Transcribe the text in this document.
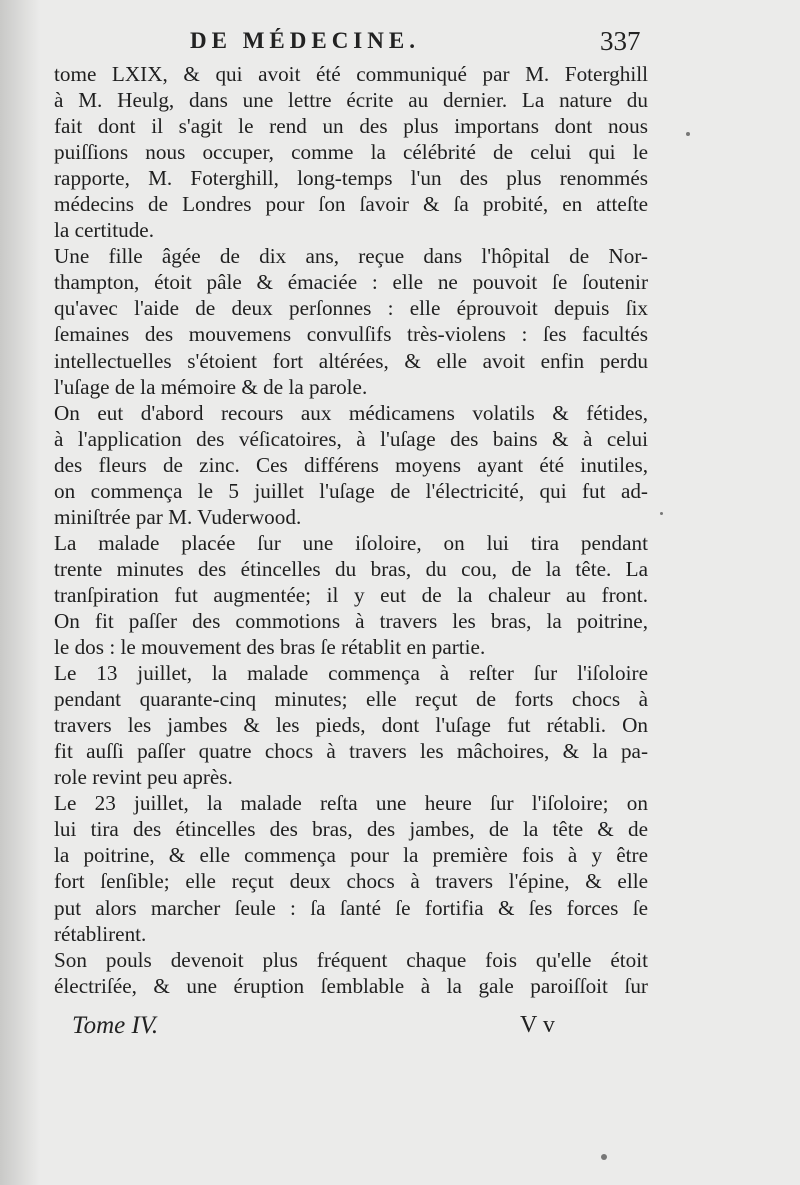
DE MÉDECINE.	337
tome LXIX, & qui avoit été communiqué par M. Foterghill
à M. Heulg, dans une lettre écrite au dernier. La nature du
fait dont il s'agit le rend un des plus importans dont nous
puiſſions nous occuper, comme la célébrité de celui qui le
rapporte, M. Foterghill, long-temps l'un des plus renommés
médecins de Londres pour ſon ſavoir & ſa probité, en atteſte
la certitude.
Une fille âgée de dix ans, reçue dans l'hôpital de Nor-
thampton, étoit pâle & émaciée : elle ne pouvoit ſe ſoutenir
qu'avec l'aide de deux perſonnes : elle éprouvoit depuis ſix
ſemaines des mouvemens convulſifs très-violens : ſes facultés
intellectuelles s'étoient fort altérées, & elle avoit enfin perdu
l'uſage de la mémoire & de la parole.
On eut d'abord recours aux médicamens volatils & fétides,
à l'application des véſicatoires, à l'uſage des bains & à celui
des fleurs de zinc. Ces différens moyens ayant été inutiles,
on commença le 5 juillet l'uſage de l'électricité, qui fut ad-
miniſtrée par M. Vuderwood.
La malade placée ſur une iſoloire, on lui tira pendant
trente minutes des étincelles du bras, du cou, de la tête. La
tranſpiration fut augmentée; il y eut de la chaleur au front.
On fit paſſer des commotions à travers les bras, la poitrine,
le dos : le mouvement des bras ſe rétablit en partie.
Le 13 juillet, la malade commença à reſter ſur l'iſoloire
pendant quarante-cinq minutes; elle reçut de forts chocs à
travers les jambes & les pieds, dont l'uſage fut rétabli. On
fit auſſi paſſer quatre chocs à travers les mâchoires, & la pa-
role revint peu après.
Le 23 juillet, la malade reſta une heure ſur l'iſoloire; on
lui tira des étincelles des bras, des jambes, de la tête & de
la poitrine, & elle commença pour la première fois à y être
fort ſenſible; elle reçut deux chocs à travers l'épine, & elle
put alors marcher ſeule : ſa ſanté ſe fortifia & ſes forces ſe
rétablirent.
Son pouls devenoit plus fréquent chaque fois qu'elle étoit
électriſée, & une éruption ſemblable à la gale paroiſſoit ſur
Tome IV.	V v
